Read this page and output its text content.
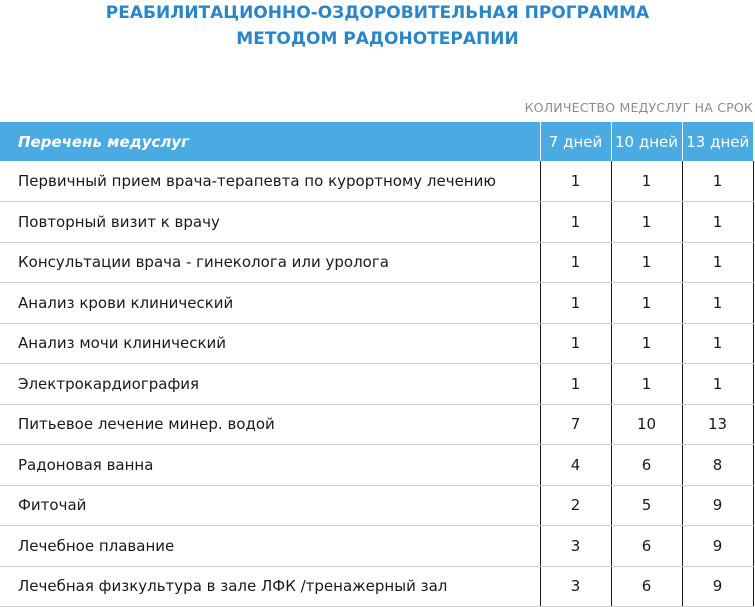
РЕАБИЛИТАЦИОННО-ОЗДОРОВИТЕЛЬНАЯ ПРОГРАММА
МЕТОДОМ РАДОНОТЕРАПИИ
КОЛИЧЕСТВО МЕДУСЛУГ НА СРОК
Перечень медуслуг	7 дней	10 дней	13 дней
Первичный прием врача-терапевта по курортному лечению	1	1	1
Повторный визит к врачу	1	1	1
Консультации врача - гинеколога или уролога	1	1	1
Анализ крови клинический	1	1	1
Анализ мочи клинический	1	1	1
Электрокардиография	1	1	1
Питьевое лечение минер. водой	7	10	13
Радоновая ванна	4	6	8
Фиточай	2	5	9
Лечебное плавание	3	6	9
Лечебная физкультура в зале ЛФК /тренажерный зал	3	6	9
